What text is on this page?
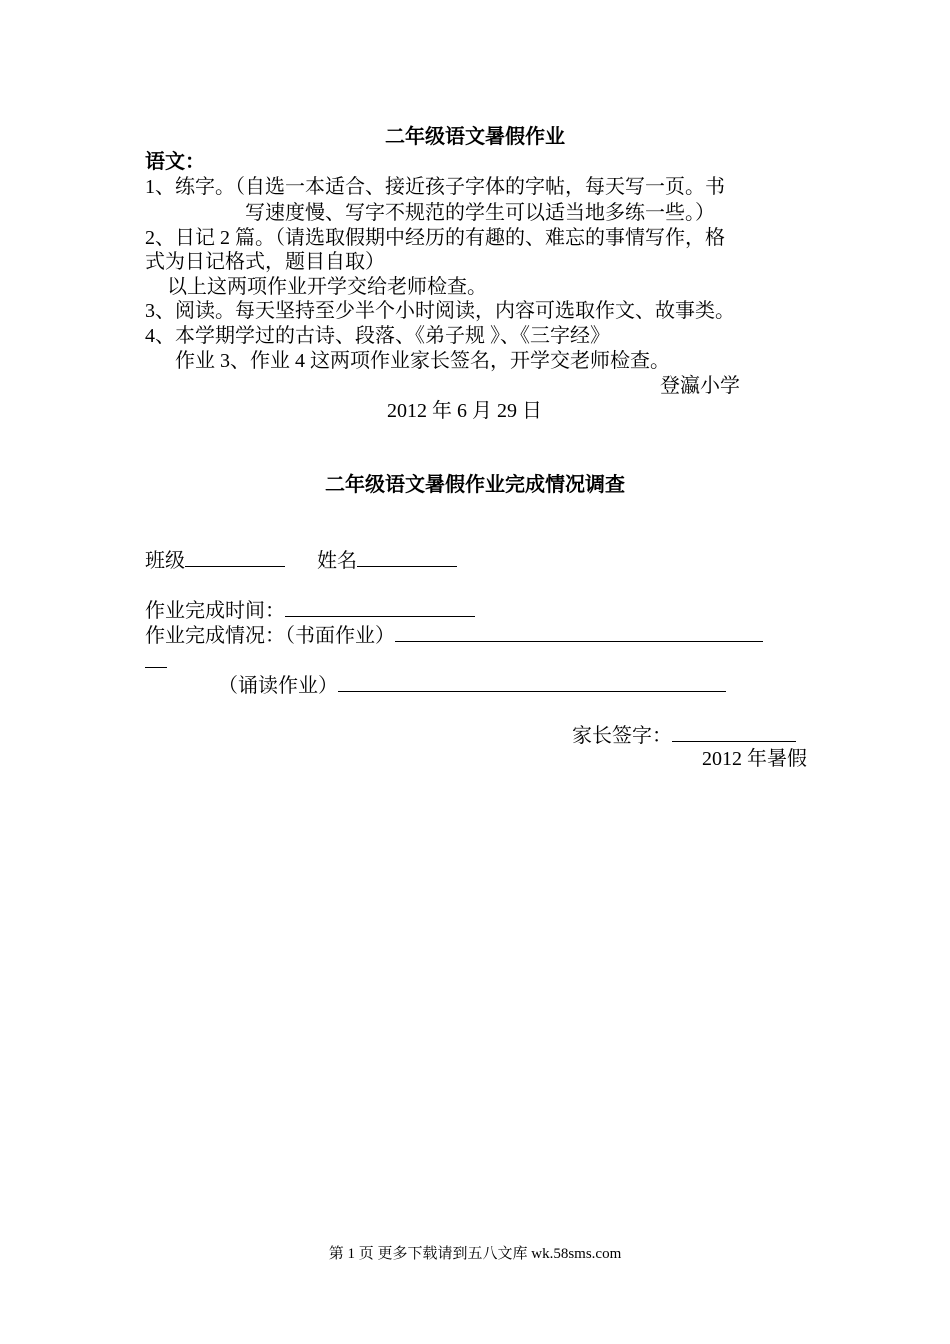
二年级语文暑假作业
语文：
1、练字。（自选一本适合、接近孩子字体的字帖，每天写一页。书
写速度慢、写字不规范的学生可以适当地多练一些。）
2、日记 2 篇。（请选取假期中经历的有趣的、难忘的事情写作，格
式为日记格式，题目自取）
以上这两项作业开学交给老师检查。
3、阅读。每天坚持至少半个小时阅读，内容可选取作文、故事类。
4、本学期学过的古诗、段落、《弟子规 》、《三字经》
作业 3、作业 4 这两项作业家长签名，开学交老师检查。
登瀛小学
2012 年 6 月 29 日
二年级语文暑假作业完成情况调查
班级	姓名
作业完成时间：
作业完成情况：（书面作业）
（诵读作业）
家长签字：
2012 年暑假
第 1 页 更多下载请到五八文库 wk.58sms.com
